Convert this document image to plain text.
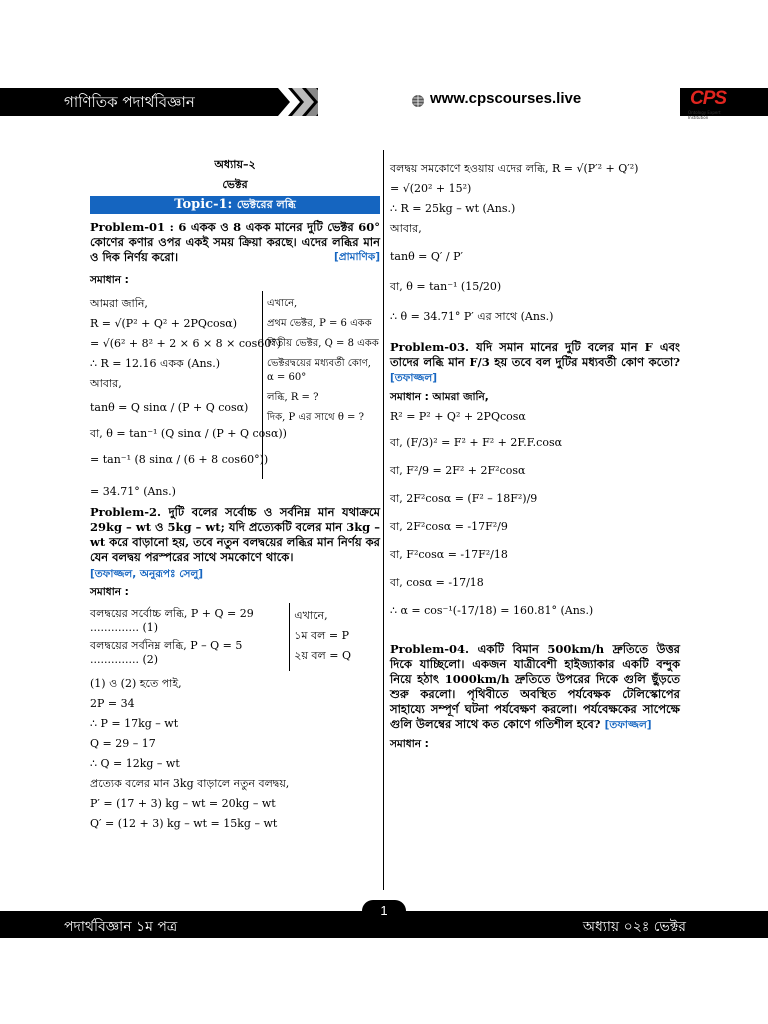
গাণিতিক পদার্থবিজ্ঞান	www.cpscourses.live	CPS
Ontology Expert Institution
অধ্যায়–২
ভেক্টর
Topic-1: ভেক্টরের লব্ধি
Problem-01 : 6 একক ও 8 একক মানের দুটি ভেক্টর 60° কোণের কণার ওপর একই সময় ক্রিয়া করছে। এদের লব্ধির মান ও দিক নির্ণয় করো।	[প্রামাণিক]
সমাধান :
আমরা জানি,
R = √(P² + Q² + 2PQcosα)
= √(6² + 8² + 2 × 6 × 8 × cos60°)
∴ R = 12.16 একক (Ans.)
আবার,
tanθ = Q sinα / (P + Q cosα)
বা, θ = tan⁻¹ (Q sinα / (P + Q cosα))
= tan⁻¹ (8 sinα / (6 + 8 cos60°))
এখানে,
প্রথম ভেক্টর, P = 6 একক
দ্বিতীয় ভেক্টর, Q = 8 একক
ভেক্টরদ্বয়ের মধ্যবর্তী কোণ, α = 60°
লব্ধি, R = ?
দিক, P এর সাথে θ = ?
= 34.71° (Ans.)
Problem-2. দুটি বলের সর্বোচ্চ ও সর্বনিম্ন মান যথাক্রমে 29kg – wt ও 5kg – wt; যদি প্রত্যেকটি বলের মান 3kg – wt করে বাড়ানো হয়, তবে নতুন বলদ্বয়ের লব্ধির মান নির্ণয় কর যেন বলদ্বয় পরস্পরের সাথে সমকোণে থাকে।
[তফাজ্জল, অনুরূপঃ সেলু]
সমাধান :
বলদ্বয়ের সর্বোচ্চ লব্ধি, P + Q = 29 .............. (1)
বলদ্বয়ের সর্বনিম্ন লব্ধি, P – Q = 5 .............. (2)
এখানে,
১ম বল = P
২য় বল = Q
(1) ও (2) হতে পাই,
2P = 34
∴ P = 17kg – wt
Q = 29 – 17
∴ Q = 12kg – wt
প্রত্যেক বলের মান 3kg বাড়ালে নতুন বলদ্বয়,
P′ = (17 + 3) kg – wt = 20kg – wt
Q′ = (12 + 3) kg – wt = 15kg – wt
বলদ্বয় সমকোণে হওয়ায় এদের লব্ধি, R = √(P′² + Q′²)
= √(20² + 15²)
∴ R = 25kg – wt (Ans.)
আবার,
tanθ = Q′ / P′
বা, θ = tan⁻¹ (15/20)
∴ θ = 34.71° P′ এর সাথে (Ans.)
Problem-03. যদি সমান মানের দুটি বলের মান F এবং তাদের লব্ধি মান F/3 হয় তবে বল দুটির মধ্যবর্তী কোণ কতো? [তফাজ্জল]
সমাধান : আমরা জানি,
R² = P² + Q² + 2PQcosα
বা, (F/3)² = F² + F² + 2F.F.cosα
বা, F²/9 = 2F² + 2F²cosα
বা, 2F²cosα = (F² – 18F²)/9
বা, 2F²cosα = -17F²/9
বা, F²cosα = -17F²/18
বা, cosα = -17/18
∴ α = cos⁻¹(-17/18) = 160.81° (Ans.)
Problem-04. একটি বিমান 500km/h দ্রুতিতে উত্তর দিকে যাচ্ছিলো। একজন যাত্রীবেশী হাইজ্যাকার একটি বন্দুক নিয়ে হঠাৎ 1000km/h দ্রুতিতে উপরের দিকে গুলি ছুঁড়তে শুরু করলো। পৃথিবীতে অবস্থিত পর্যবেক্ষক টেলিস্কোপের সাহায্যে সম্পূর্ণ ঘটনা পর্যবেক্ষণ করলো। পর্যবেক্ষকের সাপেক্ষে গুলি উলম্বের সাথে কত কোণে গতিশীল হবে? [তফাজ্জল]
সমাধান :
পদার্থবিজ্ঞান ১ম পত্র	অধ্যায় ০২ঃ ভেক্টর
1
